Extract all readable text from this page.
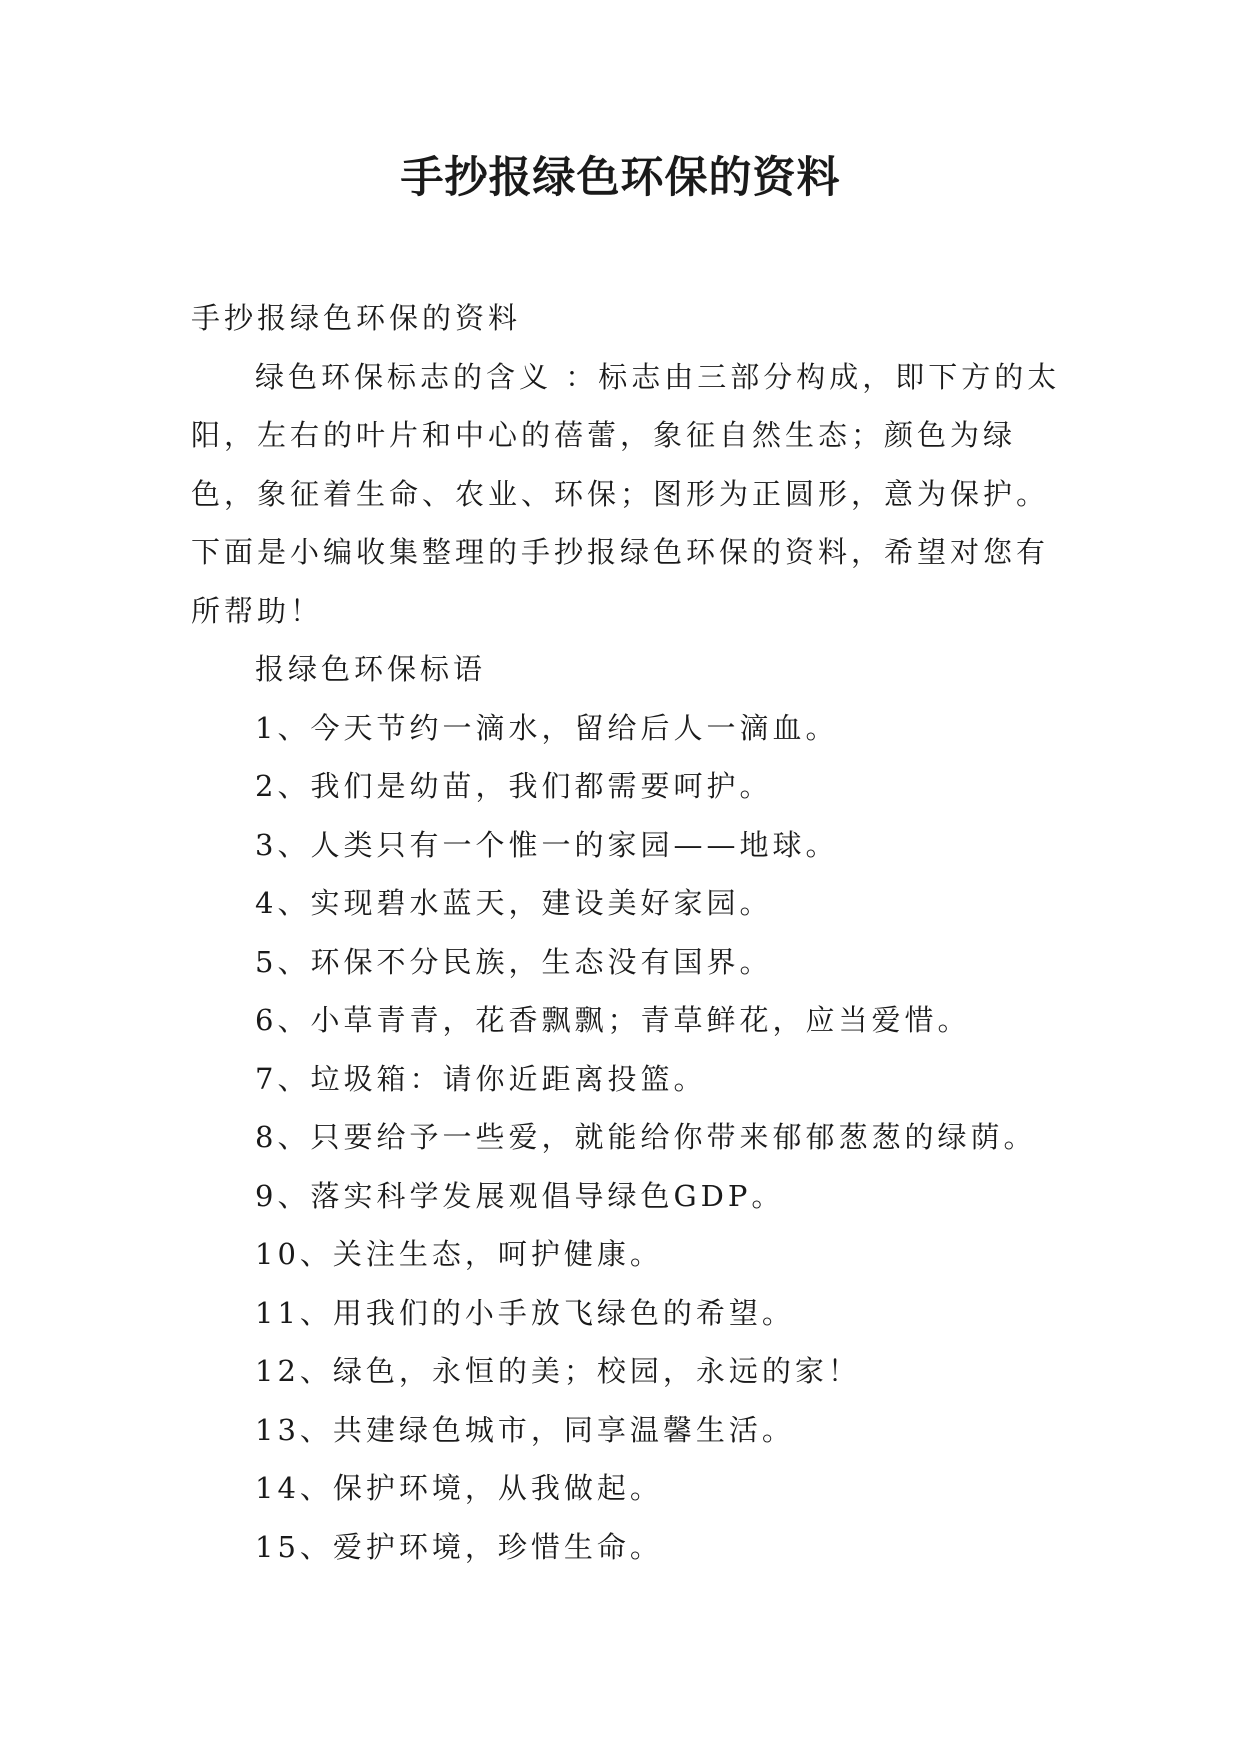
手抄报绿色环保的资料

手抄报绿色环保的资料

绿色环保标志的含义 ：标志由三部分构成，即下方的太阳，左右的叶片和中心的蓓蕾，象征自然生态；颜色为绿色，象征着生命、农业、环保；图形为正圆形，意为保护。下面是小编收集整理的手抄报绿色环保的资料，希望对您有所帮助！

报绿色环保标语

1、今天节约一滴水，留给后人一滴血。
2、我们是幼苗，我们都需要呵护。
3、人类只有一个惟一的家园——地球。
4、实现碧水蓝天，建设美好家园。
5、环保不分民族，生态没有国界。
6、小草青青，花香飘飘；青草鲜花，应当爱惜。
7、垃圾箱：请你近距离投篮。
8、只要给予一些爱，就能给你带来郁郁葱葱的绿荫。
9、落实科学发展观倡导绿色GDP。
10、关注生态，呵护健康。
11、用我们的小手放飞绿色的希望。
12、绿色，永恒的美；校园，永远的家！
13、共建绿色城市，同享温馨生活。
14、保护环境，从我做起。
15、爱护环境，珍惜生命。
